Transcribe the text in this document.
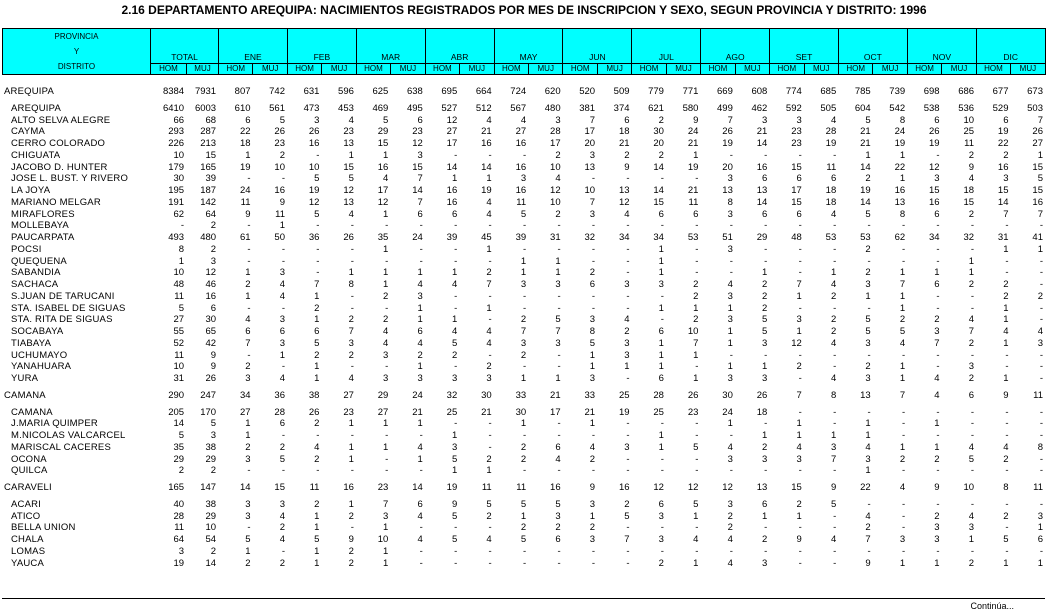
2.16 DEPARTAMENTO AREQUIPA: NACIMIENTOS REGISTRADOS POR MES DE INSCRIPCION Y SEXO, SEGUN PROVINCIA Y DISTRITO: 1996
PROVINCIA
Y
DISTRITO	TOTAL		ENE		FEB		MAR		ABR		MAY		JUN		JUL		AGO		SET		OCT		NOV		DIC	
	HOM	MUJ	HOM	MUJ	HOM	MUJ	HOM	MUJ	HOM	MUJ	HOM	MUJ	HOM	MUJ	HOM	MUJ	HOM	MUJ	HOM	MUJ	HOM	MUJ	HOM	MUJ	HOM	MUJ
AREQUIPA	8384	7931	807	742	631	596	625	638	695	664	724	620	520	509	779	771	669	608	774	685	785	739	698	686	677	673

AREQUIPA	6410	6003	610	561	473	453	469	495	527	512	567	480	381	374	621	580	499	462	592	505	604	542	538	536	529	503
ALTO SELVA ALEGRE	66	68	6	5	3	4	5	6	12	4	4	3	7	6	2	9	7	3	3	4	5	8	6	10	6	7
CAYMA	293	287	22	26	26	23	29	23	27	21	27	28	17	18	30	24	26	21	23	28	21	24	26	25	19	26
CERRO COLORADO	226	213	18	23	16	13	15	12	17	16	16	17	20	21	20	21	19	14	23	19	21	19	19	11	22	27
CHIGUATA	10	15	1	2	-	1	1	3	-	-	-	2	3	2	2	1	-	-	-	-	1	1	-	2	2	1
JACOBO D. HUNTER	179	165	19	10	10	15	16	15	14	14	16	10	13	9	14	19	20	16	15	11	14	22	12	9	16	15
JOSE L. BUST. Y RIVERO	30	39	-	-	5	5	4	7	1	1	3	4	-	-	-	-	3	6	6	6	2	1	3	4	3	5
LA JOYA	195	187	24	16	19	12	17	14	16	19	16	12	10	13	14	21	13	13	17	18	19	16	15	18	15	15
MARIANO MELGAR	191	142	11	9	12	13	12	7	16	4	11	10	7	12	15	11	8	14	15	18	14	13	16	15	14	16
MIRAFLORES	62	64	9	11	5	4	1	6	6	4	5	2	3	4	6	6	3	6	6	4	5	8	6	2	7	7
MOLLEBAYA	-	2	-	1	-	-	-	-	-	-	-	-	-	-	-	-	-	-	-	-	-	-	-	-	-	-
PAUCARPATA	493	480	61	50	36	26	35	24	39	45	39	31	32	34	34	53	51	29	48	53	53	62	34	32	31	41
POCSI	8	2	-	-	-	-	1	-	-	1	-	-	-	-	1	-	3	-	-	-	2	-	-	-	1	1
QUEQUENA	1	3	-	-	-	-	-	-	-	-	1	1	-	-	1	-	-	-	-	-	-	-	-	1	-	-
SABANDIA	10	12	1	3	-	1	1	1	1	2	1	1	2	-	1	-	-	1	-	1	2	1	1	1	-	-
SACHACA	48	46	2	4	7	8	1	4	4	7	3	3	6	3	3	2	4	2	7	4	3	7	6	2	2	-
S.JUAN DE TARUCANI	11	16	1	4	1	-	2	3	-	-	-	-	-	-	-	2	3	2	1	2	1	1	-	-	2	2
STA. ISABEL DE SIGUAS	5	6	-	-	2	-	-	1	-	1	-	-	-	-	1	1	1	2	-	-	-	1	-	-	1	-
STA. RITA DE SIGUAS	27	30	4	3	1	2	2	1	1	-	2	5	3	4	-	2	3	5	3	2	5	2	2	4	1	-
SOCABAYA	55	65	6	6	6	7	4	6	4	4	7	7	8	2	6	10	1	5	1	2	5	5	3	7	4	4
TIABAYA	52	42	7	3	5	3	4	4	5	4	3	3	5	3	1	7	1	3	12	4	3	4	7	2	1	3
UCHUMAYO	11	9	-	1	2	2	3	2	2	-	2	-	1	3	1	1	-	-	-	-	-	-	-	-	-	-
YANAHUARA	10	9	2	-	1	-	-	1	-	2	-	-	1	1	1	-	1	1	2	-	2	1	-	3	-	-
YURA	31	26	3	4	1	4	3	3	3	3	1	1	3	-	6	1	3	3	-	4	3	1	4	2	1	-

CAMANA	290	247	34	36	38	27	29	24	32	30	33	21	33	25	28	26	30	26	7	8	13	7	4	6	9	11

CAMANA	205	170	27	28	26	23	27	21	25	21	30	17	21	19	25	23	24	18	-	-	-	-	-	-	-	-
J.MARIA QUIMPER	14	5	1	6	2	1	1	1	-	-	1	-	1	-	-	-	1	-	1	-	1	-	1	-	-	-
M.NICOLAS VALCARCEL	5	3	1	-	-	-	-	-	1	-	-	-	-	-	1	-	-	1	1	1	1	-	-	-	-	-
MARISCAL CACERES	35	38	2	2	4	1	1	4	3	-	2	6	4	3	1	5	4	2	4	3	4	1	1	4	4	8
OCONA	29	29	3	5	2	1	-	1	5	2	2	4	2	-	-	-	3	3	3	7	3	2	2	5	2	-
QUILCA	2	2	-	-	-	-	-	-	1	1	-	-	-	-	-	-	-	-	-	-	1	-	-	-	-	-

CARAVELI	165	147	14	15	11	16	23	14	19	11	11	16	9	16	12	12	12	13	15	9	22	4	9	10	8	11

ACARI	40	38	3	3	2	1	7	6	9	5	5	5	3	2	6	5	3	6	2	5	-	-	-	-	-	-
ATICO	28	29	3	4	1	2	3	4	5	2	1	3	1	5	3	1	2	1	1	-	4	-	2	4	2	3
BELLA UNION	11	10	-	2	1	-	1	-	-	-	2	2	2	-	-	-	2	-	-	-	2	-	3	3	-	1
CHALA	64	54	5	4	5	9	10	4	5	4	5	6	3	7	3	4	4	2	9	4	7	3	3	1	5	6
LOMAS	3	2	1	-	1	2	1	-	-	-	-	-	-	-	-	-	-	-	-	-	-	-	-	-	-	-
YAUCA	19	14	2	2	1	2	1	-	-	-	-	-	-	-	2	1	4	3	-	-	9	1	1	2	1	1
Continúa...
